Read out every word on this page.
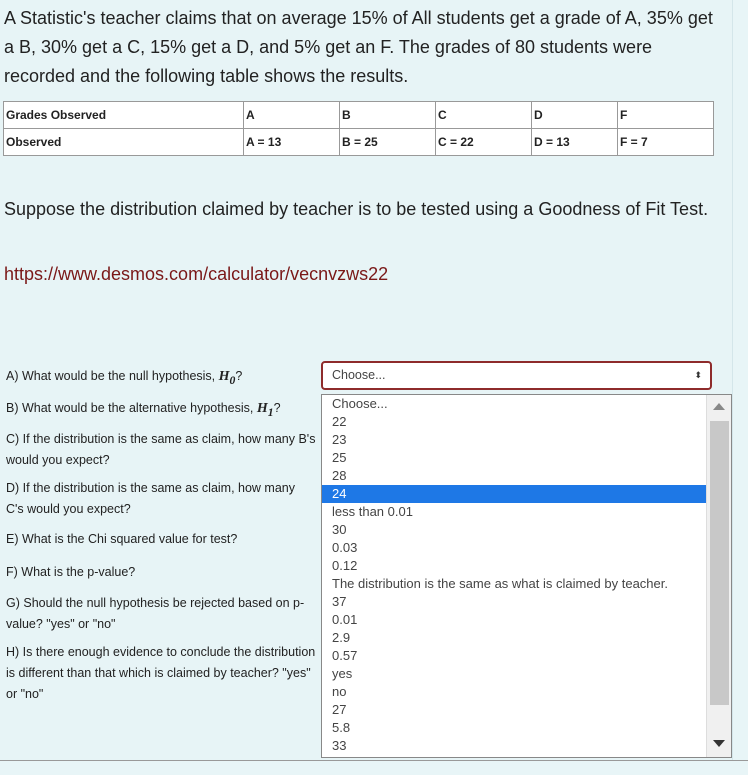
A Statistic's teacher claims that on average 15% of All students get a grade of A, 35% get a B, 30% get a C, 15% get a D, and 5% get an F. The grades of 80 students were recorded and the following table shows the results.

Grades Observed	A	B	C	D	F
Observed	A = 13	B = 25	C = 22	D = 13	F = 7

Suppose the distribution claimed by teacher is to be tested using a Goodness of Fit Test.

https://www.desmos.com/calculator/vecnvzws22
A) What would be the null hypothesis, $H_0$?
B) What would be the alternative hypothesis, $H_1$?
C) If the distribution is the same as claim, how many B's would you expect?
D) If the distribution is the same as claim, how many C's would you expect?
E) What is the Chi squared value for test?
F) What is the p-value?
G) Should the null hypothesis be rejected based on p-value? "yes" or "no"
H) Is there enough evidence to conclude the distribution is different than that which is claimed by teacher? "yes" or "no"
Choose...	⬍
Choose...
22
23
25
28
24
less than 0.01
30
0.03
0.12
The distribution is the same as what is claimed by teacher.
37
0.01
2.9
0.57
yes
no
27
5.8
33
